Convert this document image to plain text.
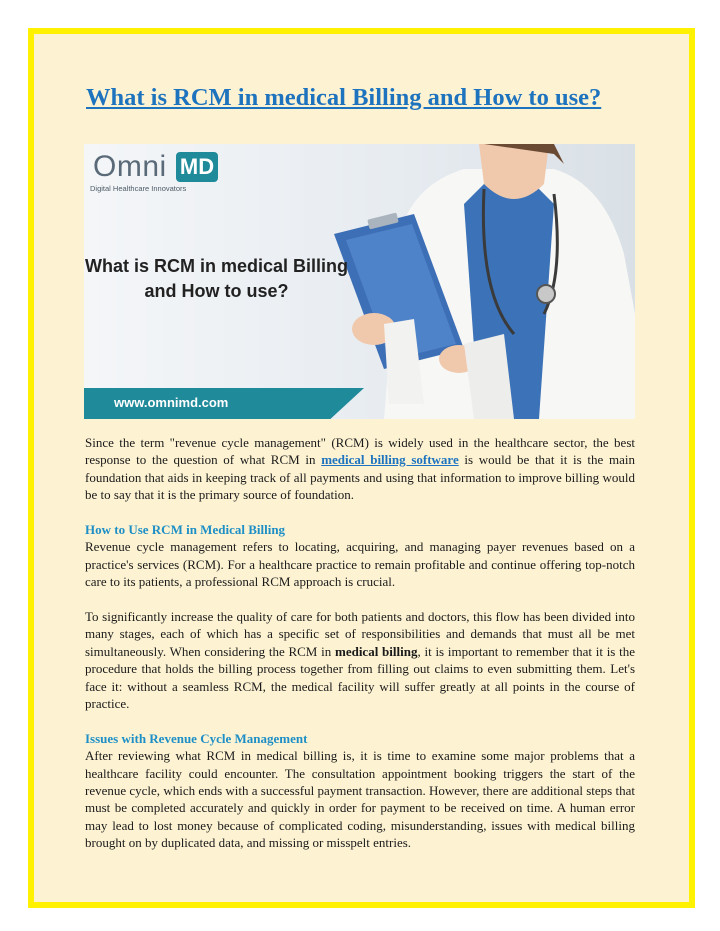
What is RCM in medical Billing and How to use?
Omni MD
Digital Healthcare Innovators
What is RCM in medical Billing
and How to use?
www.omnimd.com

Since the term "revenue cycle management" (RCM) is widely used in the healthcare sector, the best response to the question of what RCM in medical billing software is would be that it is the main foundation that aids in keeping track of all payments and using that information to improve billing would be to say that it is the primary source of foundation.

How to Use RCM in Medical Billing

Revenue cycle management refers to locating, acquiring, and managing payer revenues based on a practice's services (RCM). For a healthcare practice to remain profitable and continue offering top-notch care to its patients, a professional RCM approach is crucial.

To significantly increase the quality of care for both patients and doctors, this flow has been divided into many stages, each of which has a specific set of responsibilities and demands that must all be met simultaneously. When considering the RCM in medical billing, it is important to remember that it is the procedure that holds the billing process together from filling out claims to even submitting them. Let's face it: without a seamless RCM, the medical facility will suffer greatly at all points in the course of practice.

Issues with Revenue Cycle Management

After reviewing what RCM in medical billing is, it is time to examine some major problems that a healthcare facility could encounter. The consultation appointment booking triggers the start of the revenue cycle, which ends with a successful payment transaction. However, there are additional steps that must be completed accurately and quickly in order for payment to be received on time. A human error may lead to lost money because of complicated coding, misunderstanding, issues with medical billing brought on by duplicated data, and missing or misspelt entries.
